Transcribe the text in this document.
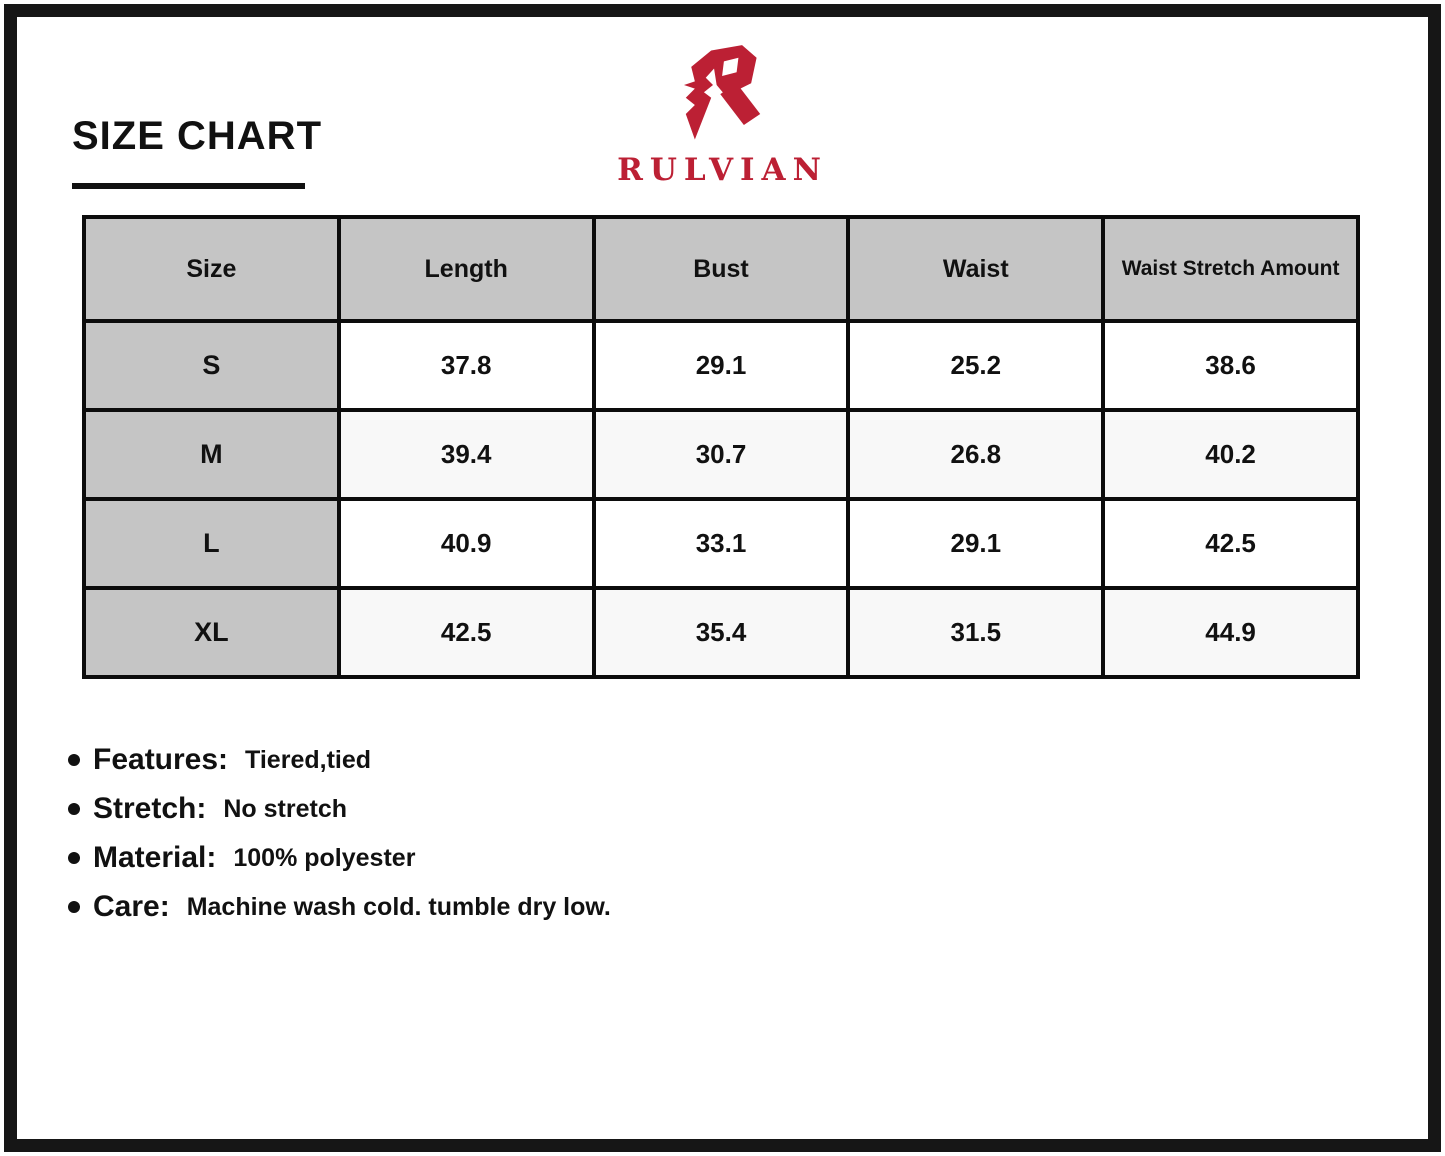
SIZE CHART
RULVIAN
Size	Length	Bust	Waist	Waist Stretch Amount
S	37.8	29.1	25.2	38.6
M	39.4	30.7	26.8	40.2
L	40.9	33.1	29.1	42.5
XL	42.5	35.4	31.5	44.9
Features: Tiered,tied
Stretch: No stretch
Material: 100% polyester
Care: Machine wash cold. tumble dry low.
